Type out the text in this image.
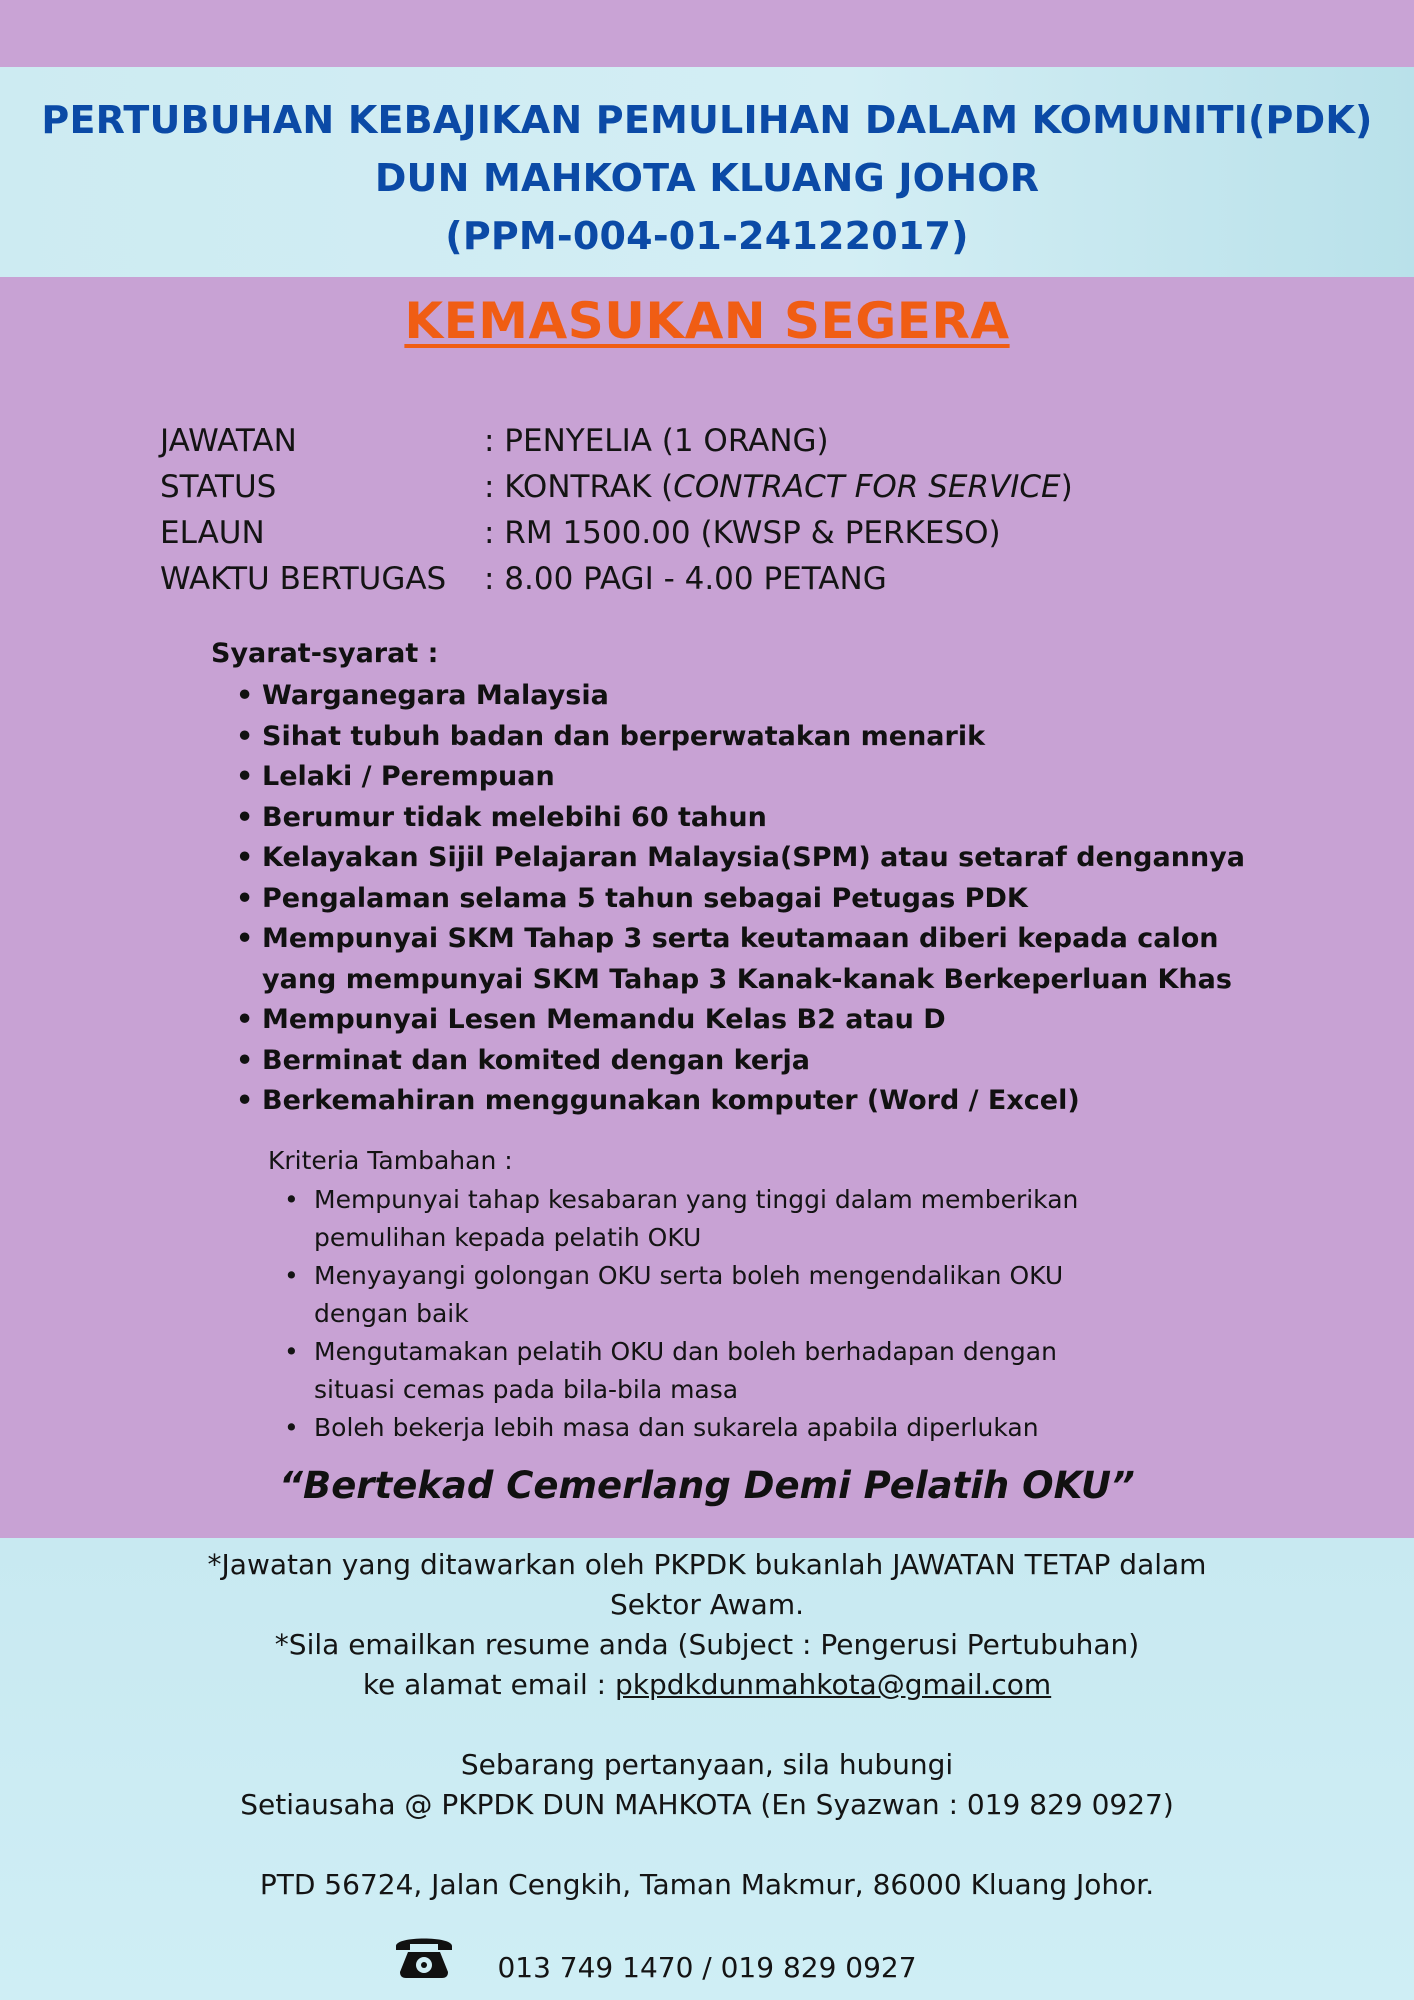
PERTUBUHAN KEBAJIKAN PEMULIHAN DALAM KOMUNITI(PDK)
DUN MAHKOTA KLUANG JOHOR
(PPM-004-01-24122017)
KEMASUKAN SEGERA
JAWATAN	: PENYELIA (1 ORANG)
STATUS	: KONTRAK (CONTRACT FOR SERVICE)
ELAUN	: RM 1500.00 (KWSP & PERKESO)
WAKTU BERTUGAS	: 8.00 PAGI - 4.00 PETANG
Syarat-syarat :
• Warganegara Malaysia
• Sihat tubuh badan dan berperwatakan menarik
• Lelaki / Perempuan
• Berumur tidak melebihi 60 tahun
• Kelayakan Sijil Pelajaran Malaysia(SPM) atau setaraf dengannya
• Pengalaman selama 5 tahun sebagai Petugas PDK
• Mempunyai SKM Tahap 3 serta keutamaan diberi kepada calon
yang mempunyai SKM Tahap 3 Kanak-kanak Berkeperluan Khas
• Mempunyai Lesen Memandu Kelas B2 atau D
• Berminat dan komited dengan kerja
• Berkemahiran menggunakan komputer (Word / Excel)
Kriteria Tambahan :
• Mempunyai tahap kesabaran yang tinggi dalam memberikan pemulihan kepada pelatih OKU
• Menyayangi golongan OKU serta boleh mengendalikan OKU dengan baik
• Mengutamakan pelatih OKU dan boleh berhadapan dengan situasi cemas pada bila-bila masa
• Boleh bekerja lebih masa dan sukarela apabila diperlukan
“Bertekad Cemerlang Demi Pelatih OKU”
*Jawatan yang ditawarkan oleh PKPDK bukanlah JAWATAN TETAP dalam
Sektor Awam.
*Sila emailkan resume anda (Subject : Pengerusi Pertubuhan)
ke alamat email : pkpdkdunmahkota@gmail.com
Sebarang pertanyaan, sila hubungi
Setiausaha @ PKPDK DUN MAHKOTA (En Syazwan : 019 829 0927)
PTD 56724, Jalan Cengkih, Taman Makmur, 86000 Kluang Johor.
013 749 1470 / 019 829 0927
